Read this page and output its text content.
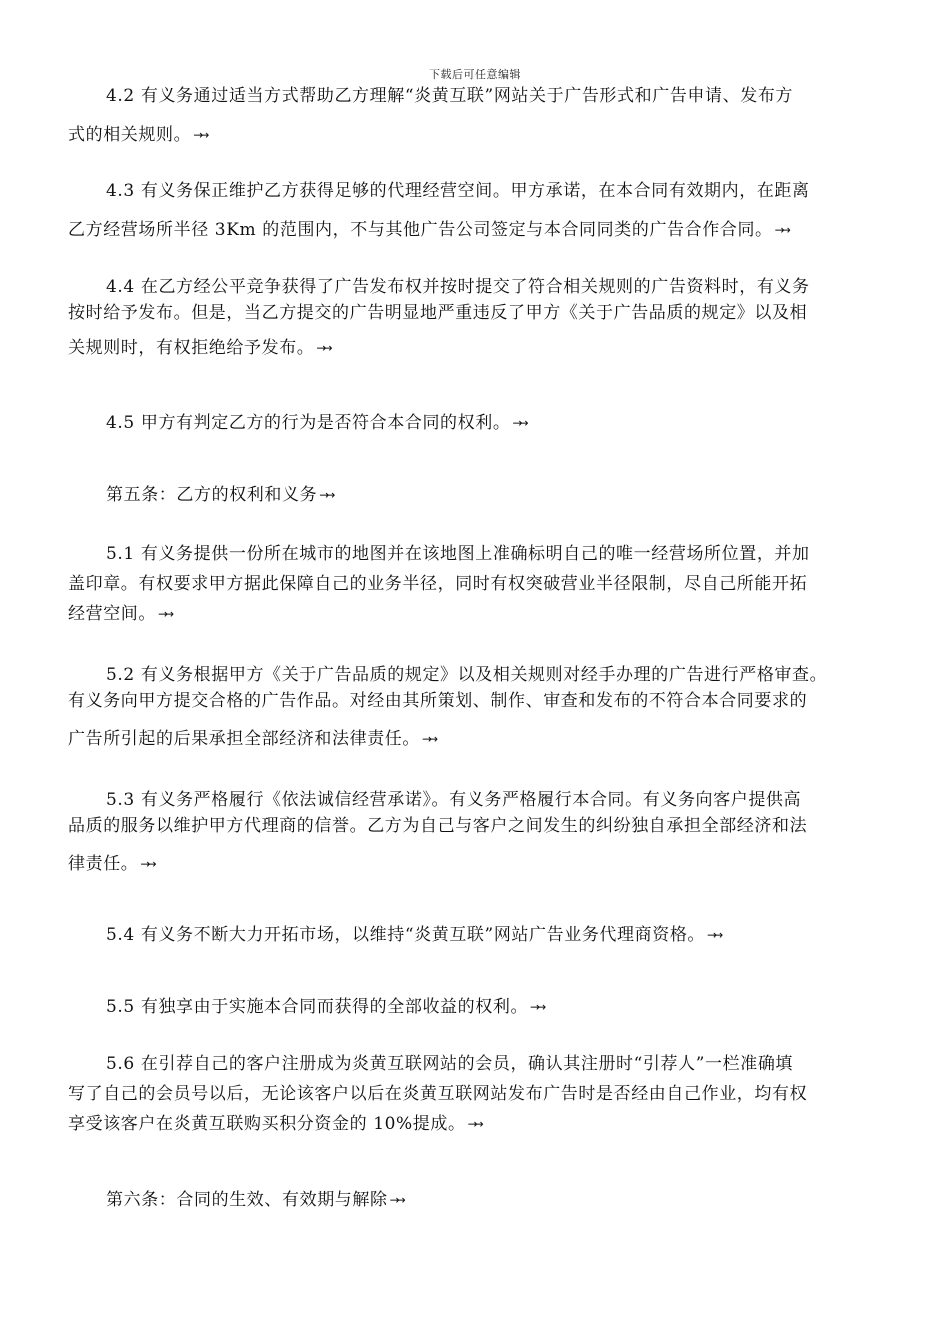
下载后可任意编辑
4.2 有义务通过适当方式帮助乙方理解“炎黄互联”网站关于广告形式和广告申请、发布方
式的相关规则。 →→
4.3 有义务保正维护乙方获得足够的代理经营空间。甲方承诺，在本合同有效期内，在距离
乙方经营场所半径 3Km 的范围内，不与其他广告公司签定与本合同同类的广告合作合同。 →→
4.4 在乙方经公平竞争获得了广告发布权并按时提交了符合相关规则的广告资料时，有义务
按时给予发布。但是，当乙方提交的广告明显地严重违反了甲方《关于广告品质的规定》以及相
关规则时，有权拒绝给予发布。 →→
4.5 甲方有判定乙方的行为是否符合本合同的权利。 →→
第五条：乙方的权利和义务 →→
5.1 有义务提供一份所在城市的地图并在该地图上准确标明自己的唯一经营场所位置，并加
盖印章。有权要求甲方据此保障自己的业务半径，同时有权突破营业半径限制，尽自己所能开拓
经营空间。 →→
5.2 有义务根据甲方《关于广告品质的规定》以及相关规则对经手办理的广告进行严格审查。
有义务向甲方提交合格的广告作品。对经由其所策划、制作、审查和发布的不符合本合同要求的
广告所引起的后果承担全部经济和法律责任。 →→
5.3 有义务严格履行《依法诚信经营承诺》。有义务严格履行本合同。有义务向客户提供高
品质的服务以维护甲方代理商的信誉。乙方为自己与客户之间发生的纠纷独自承担全部经济和法
律责任。 →→
5.4 有义务不断大力开拓市场，以维持“炎黄互联”网站广告业务代理商资格。 →→
5.5 有独享由于实施本合同而获得的全部收益的权利。 →→
5.6 在引荐自己的客户注册成为炎黄互联网站的会员，确认其注册时“引荐人”一栏准确填
写了自己的会员号以后，无论该客户以后在炎黄互联网站发布广告时是否经由自己作业，均有权
享受该客户在炎黄互联购买积分资金的 10%提成。 →→
第六条：合同的生效、有效期与解除 →→
